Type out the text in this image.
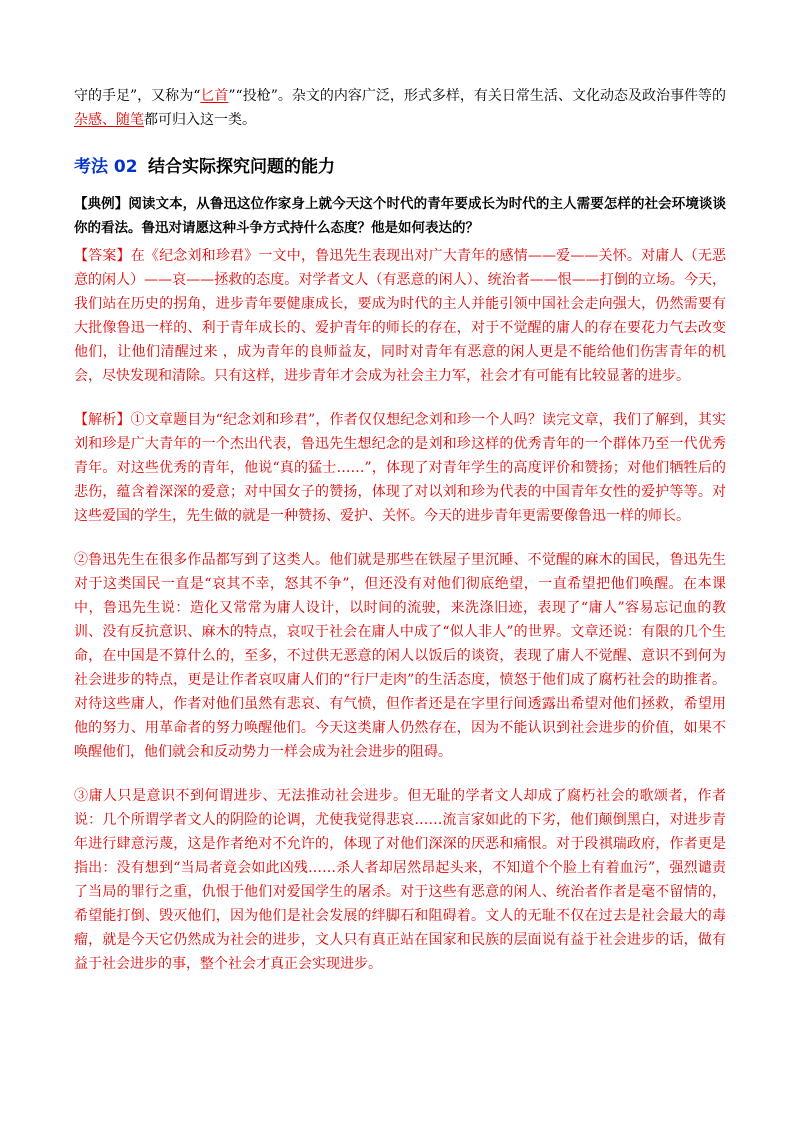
守的手足”，又称为“匕首”“投枪”。杂文的内容广泛，形式多样，有关日常生活、文化动态及政治事件等的杂感、随笔都可归入这一类。

考法 02 结合实际探究问题的能力

【典例】阅读文本，从鲁迅这位作家身上就今天这个时代的青年要成长为时代的主人需要怎样的社会环境谈谈你的看法。鲁迅对请愿这种斗争方式持什么态度？他是如何表达的？

【答案】在《纪念刘和珍君》一文中，鲁迅先生表现出对广大青年的感情——爱——关怀。对庸人（无恶意的闲人）——哀——拯救的态度。对学者文人（有恶意的闲人）、统治者——恨——打倒的立场。今天，我们站在历史的拐角，进步青年要健康成长，要成为时代的主人并能引领中国社会走向强大，仍然需要有大批像鲁迅一样的、利于青年成长的、爱护青年的师长的存在，对于不觉醒的庸人的存在要花力气去改变他们，让他们清醒过来 ，成为青年的良师益友，同时对青年有恶意的闲人更是不能给他们伤害青年的机会，尽快发现和清除。只有这样，进步青年才会成为社会主力军，社会才有可能有比较显著的进步。

【解析】①文章题目为“纪念刘和珍君”，作者仅仅想纪念刘和珍一个人吗？读完文章，我们了解到，其实刘和珍是广大青年的一个杰出代表，鲁迅先生想纪念的是刘和珍这样的优秀青年的一个群体乃至一代优秀青年。对这些优秀的青年，他说“真的猛士……”，体现了对青年学生的高度评价和赞扬；对他们牺牲后的悲伤，蕴含着深深的爱意；对中国女子的赞扬，体现了对以刘和珍为代表的中国青年女性的爱护等等。对这些爱国的学生，先生做的就是一种赞扬、爱护、关怀。今天的进步青年更需要像鲁迅一样的师长。

②鲁迅先生在很多作品都写到了这类人。他们就是那些在铁屋子里沉睡、不觉醒的麻木的国民，鲁迅先生对于这类国民一直是“哀其不幸，怒其不争”，但还没有对他们彻底绝望，一直希望把他们唤醒。在本课中，鲁迅先生说：造化又常常为庸人设计，以时间的流驶，来洗涤旧迹，表现了“庸人”容易忘记血的教训、没有反抗意识、麻木的特点，哀叹于社会在庸人中成了“似人非人”的世界。文章还说：有限的几个生命，在中国是不算什么的，至多，不过供无恶意的闲人以饭后的谈资，表现了庸人不觉醒、意识不到何为社会进步的特点，更是让作者哀叹庸人们的“行尸走肉”的生活态度，愤怒于他们成了腐朽社会的助推者。对待这些庸人，作者对他们虽然有悲哀、有气愤，但作者还是在字里行间透露出希望对他们拯救，希望用他的努力、用革命者的努力唤醒他们。今天这类庸人仍然存在，因为不能认识到社会进步的价值，如果不唤醒他们，他们就会和反动势力一样会成为社会进步的阻碍。

③庸人只是意识不到何谓进步、无法推动社会进步。但无耻的学者文人却成了腐朽社会的歌颂者，作者说：几个所谓学者文人的阴险的论调，尤使我觉得悲哀……流言家如此的下劣，他们颠倒黑白，对进步青年进行肆意污蔑，这是作者绝对不允许的，体现了对他们深深的厌恶和痛恨。对于段祺瑞政府，作者更是指出：没有想到“当局者竟会如此凶残……杀人者却居然昂起头来，不知道个个脸上有着血污”，强烈谴责了当局的罪行之重，仇恨于他们对爱国学生的屠杀。对于这些有恶意的闲人、统治者作者是毫不留情的，希望能打倒、毁灭他们，因为他们是社会发展的绊脚石和阻碍着。文人的无耻不仅在过去是社会最大的毒瘤，就是今天它仍然成为社会的进步，文人只有真正站在国家和民族的层面说有益于社会进步的话，做有益于社会进步的事，整个社会才真正会实现进步。
